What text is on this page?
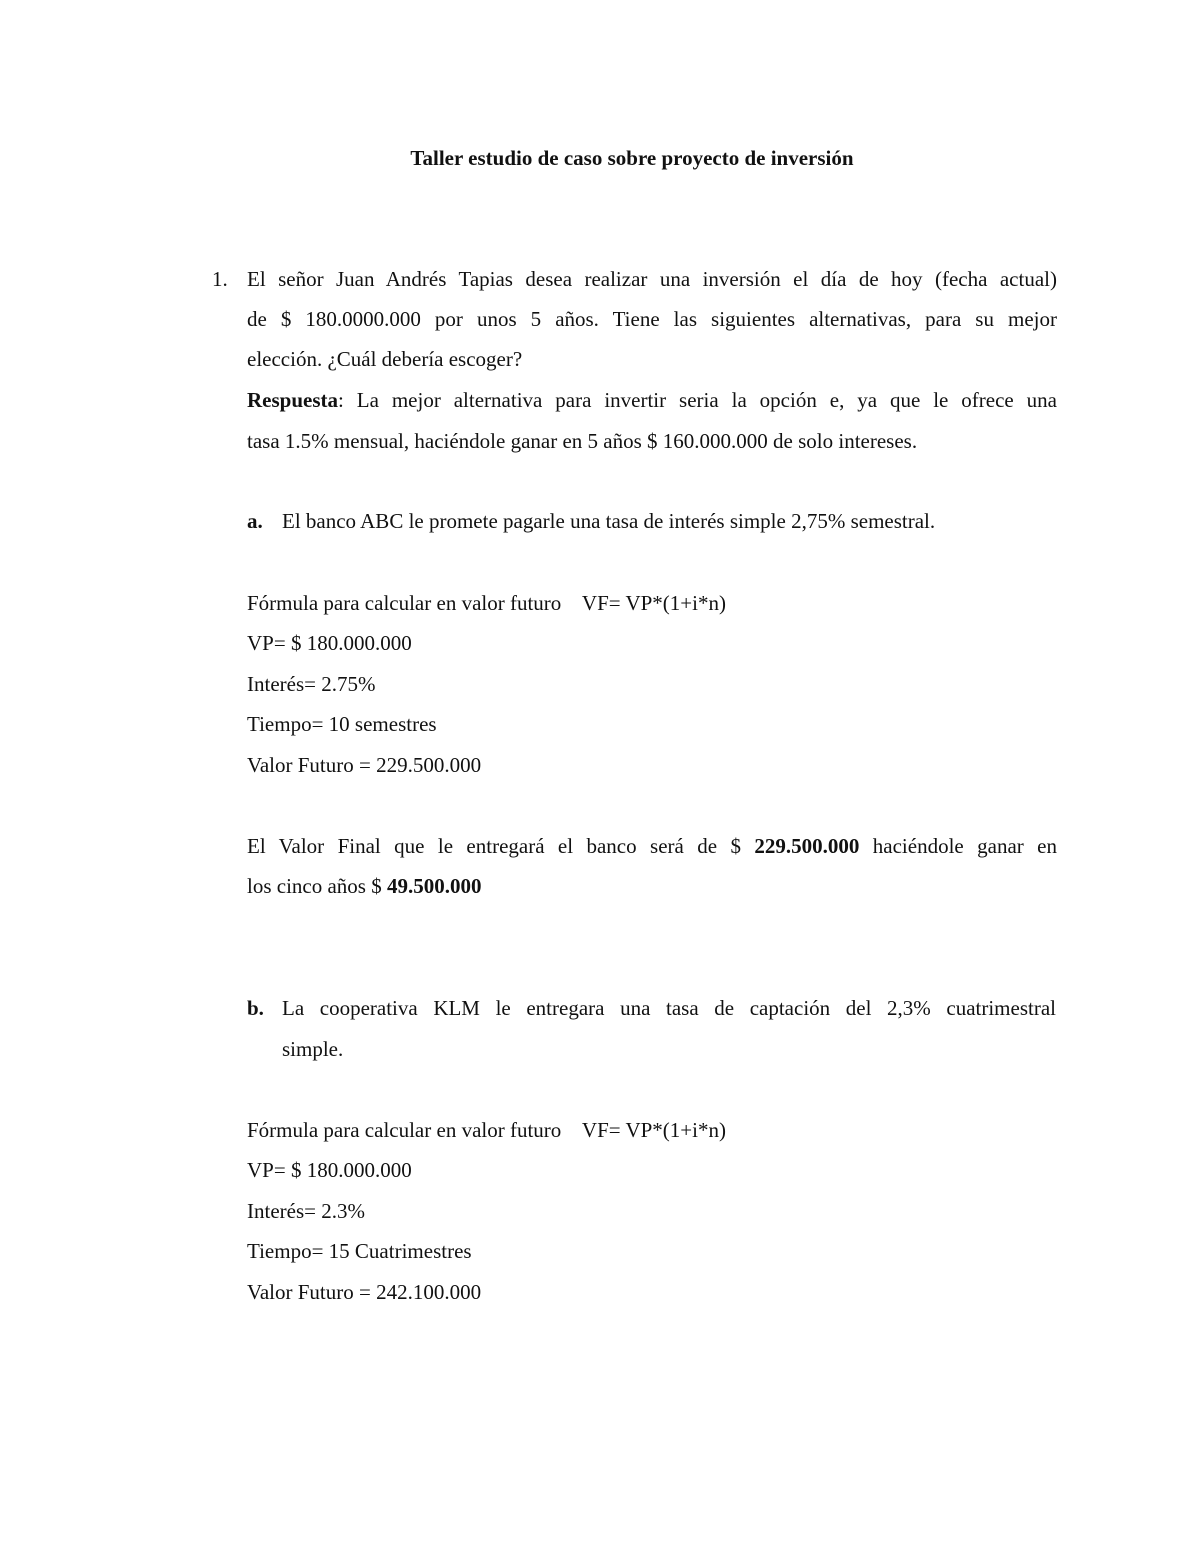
Taller estudio de caso sobre proyecto de inversión
1. El señor Juan Andrés Tapias desea realizar una inversión el día de hoy (fecha actual)
de $ 180.0000.000 por unos 5 años. Tiene las siguientes alternativas, para su mejor
elección. ¿Cuál debería escoger?
Respuesta: La mejor alternativa para invertir seria la opción e, ya que le ofrece una
tasa 1.5% mensual, haciéndole ganar en 5 años $ 160.000.000 de solo intereses.
a. El banco ABC le promete pagarle una tasa de interés simple 2,75% semestral.
Fórmula para calcular en valor futuro    VF= VP*(1+i*n)
VP= $ 180.000.000
Interés= 2.75%
Tiempo= 10 semestres
Valor Futuro = 229.500.000
El Valor Final que le entregará el banco será de $ 229.500.000 haciéndole ganar en
los cinco años $ 49.500.000
b. La cooperativa KLM le entregara una tasa de captación del 2,3% cuatrimestral
simple.
Fórmula para calcular en valor futuro    VF= VP*(1+i*n)
VP= $ 180.000.000
Interés= 2.3%
Tiempo= 15 Cuatrimestres
Valor Futuro = 242.100.000
